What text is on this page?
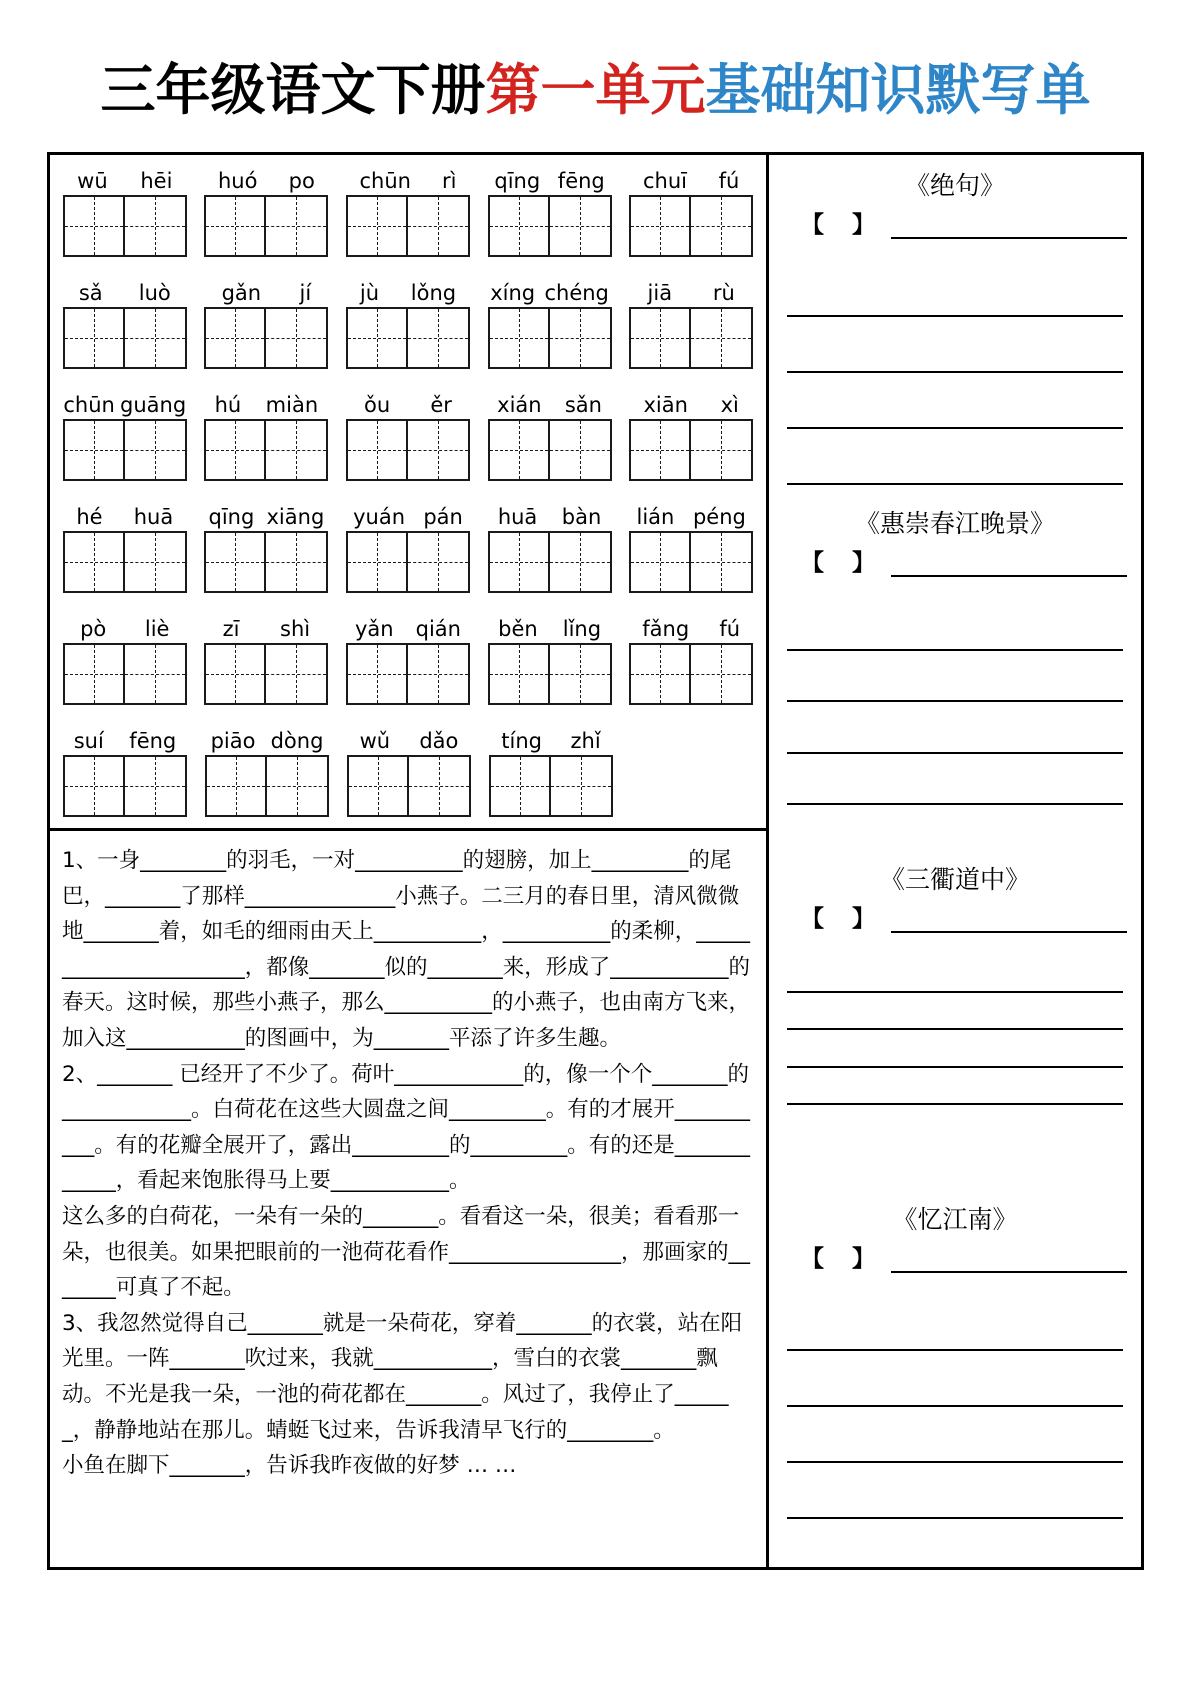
三年级语文下册第一单元基础知识默写单
wū hēi huó po chūn rì qīng fēng chuī fú
sǎ luò gǎn jí jù lǒng xíng chéng jiā rù
chūn guāng hú miàn ǒu ěr xián sǎn xiān xì
hé huā qīng xiāng yuán pán huā bàn lián péng
pò liè	zī shì yǎn qián běn lǐng fǎng fú
suí fēng piāo dòng wǔ dǎo tíng zhǐ

1、一身________的羽毛，一对__________的翅膀，加上_________的尾巴，_______了那样______________小燕子。二三月的春日里，清风微微地_______着，如毛的细雨由天上__________，__________的柔柳，______________________，都像_______似的_______来，形成了___________的春天。这时候，那些小燕子，那么__________的小燕子，也由南方飞来，加入这___________的图画中，为_______平添了许多生趣。

2、_______ 已经开了不少了。荷叶____________的，像一个个_______的____________。白荷花在这些大圆盘之间_________。有的才展开__________。有的花瓣全展开了，露出_________的_________。有的还是____________，看起来饱胀得马上要___________。

这么多的白荷花，一朵有一朵的_______。看看这一朵，很美；看看那一朵，也很美。如果把眼前的一池荷花看作________________，那画家的_______可真了不起。

3、我忽然觉得自己_______就是一朵荷花，穿着_______的衣裳，站在阳光里。一阵_______吹过来，我就___________，雪白的衣裳_______飘动。不光是我一朵，一池的荷花都在_______。风过了，我停止了______，静静地站在那儿。蜻蜓飞过来，告诉我清早飞行的________。

小鱼在脚下_______，告诉我昨夜做的好梦 … …

《绝句》
【 】
《惠崇春江晚景》
【 】
《三衢道中》
【 】
《忆江南》
【 】
